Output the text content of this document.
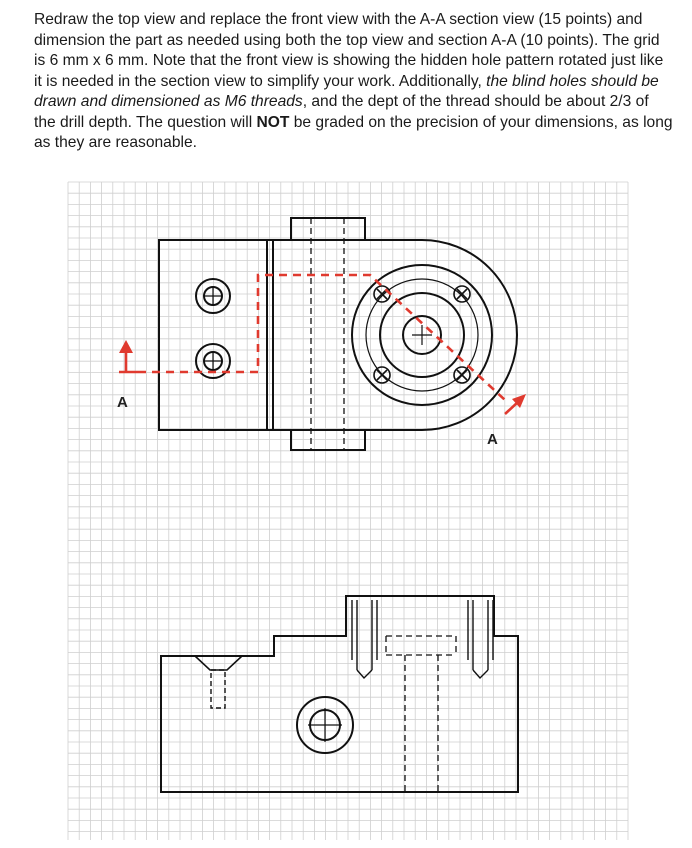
Redraw the top view and replace the front view with the A-A section view (15 points) and dimension the part as needed using both the top view and section A-A (10 points). The grid is 6 mm x 6 mm. Note that the front view is showing the hidden hole pattern rotated just like it is needed in the section view to simplify your work. Additionally, the blind holes should be drawn and dimensioned as M6 threads, and the dept of the thread should be about 2/3 of the drill depth. The question will NOT be graded on the precision of your dimensions, as long as they are reasonable.
A
A
